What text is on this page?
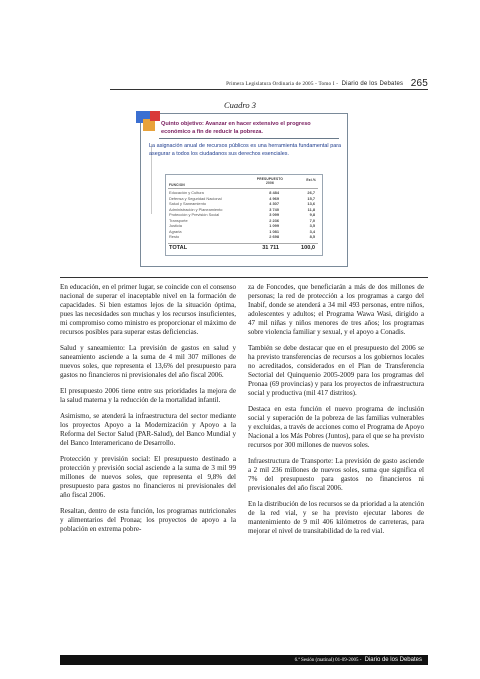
Primera Legislatura Ordinaria de 2005 - Tomo I - Diario de los Debates 265
Cuadro 3
Quinto objetivo: Avanzar en hacer extensivo el progreso económico a fin de reducir la pobreza.
La asignación anual de recursos públicos es una herramienta fundamental para asegurar a todos los ciudadanos sus derechos esenciales.
FUNCION
PRESUPUESTO
2006
Est.%
Educación y Cultura	8 484	26,7
Defensa y Seguridad Nacional	4 969	15,7
Salud y Saneamiento	4 307	13,6
Administración y Planeamiento	3 740	11,8
Protección y Previsión Social	3 099	9,8
Transporte	2 236	7,0
Justicia	1 099	3,5
Agraria	1 081	3,4
Resto	2 698	8,5
TOTAL	31 711	100,0

En educación, en el primer lugar, se coincide con el consenso nacional de superar el inaceptable nivel en la formación de capacidades. Si bien estamos lejos de la situación óptima, pues las necesidades son muchas y los recursos insuficientes, mi compromiso como ministro es proporcionar el máximo de recursos posibles para superar estas deficiencias.

Salud y saneamiento: La previsión de gastos en salud y saneamiento asciende a la suma de 4 mil 307 millones de nuevos soles, que representa el 13,6% del presupuesto para gastos no financieros ni previsionales del año fiscal 2006.

El presupuesto 2006 tiene entre sus prioridades la mejora de la salud materna y la reducción de la mortalidad infantil.

Asimismo, se atenderá la infraestructura del sector mediante los proyectos Apoyo a la Modernización y Apoyo a la Reforma del Sector Salud (PAR-Salud), del Banco Mundial y del Banco Interamericano de Desarrollo.

Protección y previsión social: El presupuesto destinado a protección y previsión social asciende a la suma de 3 mil 99 millones de nuevos soles, que representa el 9,8% del presupuesto para gastos no financieros ni previsionales del año fiscal 2006.

Resaltan, dentro de esta función, los programas nutricionales y alimentarios del Pronaa; los proyectos de apoyo a la población en extrema pobre-

za de Foncodes, que beneficiarán a más de dos millones de personas; la red de protección a los programas a cargo del Inabif, donde se atenderá a 34 mil 493 personas, entre niños, adolescentes y adultos; el Programa Wawa Wasi, dirigido a 47 mil niñas y niños menores de tres años; los programas sobre violencia familiar y sexual, y el apoyo a Conadis.

También se debe destacar que en el presupuesto del 2006 se ha previsto transferencias de recursos a los gobiernos locales no acreditados, considerados en el Plan de Transferencia Sectorial del Quinquenio 2005-2009 para los programas del Pronaa (69 provincias) y para los proyectos de infraestructura social y productiva (mil 417 distritos).

Destaca en esta función el nuevo programa de inclusión social y superación de la pobreza de las familias vulnerables y excluidas, a través de acciones como el Programa de Apoyo Nacional a los Más Pobres (Juntos), para el que se ha previsto recursos por 300 millones de nuevos soles.

Infraestructura de Transporte: La previsión de gasto asciende a 2 mil 236 millones de nuevos soles, suma que significa el 7% del presupuesto para gastos no financieros ni previsionales del año fiscal 2006.

En la distribución de los recursos se da prioridad a la atención de la red vial, y se ha previsto ejecutar labores de mantenimiento de 9 mil 406 kilómetros de carreteras, para mejorar el nivel de transitabilidad de la red vial.

6.ª Sesión (matinal) 01-09-2005 - Diario de los Debates
